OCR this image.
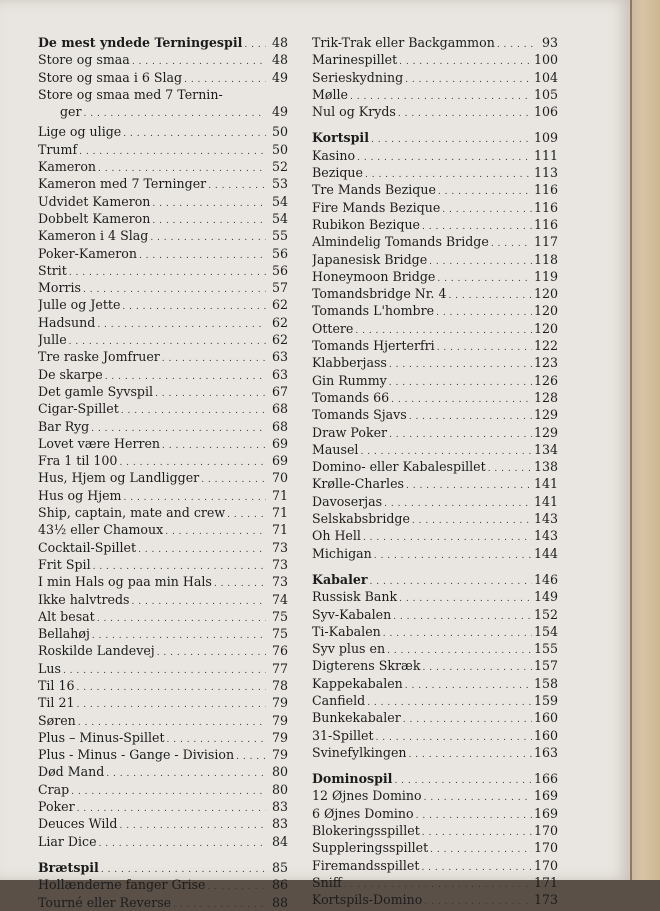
De mest yndede Terningespil . . .	48
Store og smaa . . .	48
Store og smaa i 6 Slag . . .	49
Store og smaa med 7 Ternin-
ger . . .	49
Lige og ulige . . .	50
Trumf . . .	50
Kameron . . .	52
Kameron med 7 Terninger . . .	53
Udvidet Kameron . . .	54
Dobbelt Kameron . . .	54
Kameron i 4 Slag . . .	55
Poker-Kameron . . .	56
Strit . . .	56
Morris . . .	57
Julle og Jette . . .	62
Hadsund . . .	62
Julle . . .	62
Tre raske Jomfruer . . .	63
De skarpe . . .	63
Det gamle Syvspil . . .	67
Cigar-Spillet . . .	68
Bar Ryg . . .	68
Lovet være Herren . . .	69
Fra 1 til 100 . . .	69
Hus, Hjem og Landligger . . .	70
Hus og Hjem . . .	71
Ship, captain, mate and crew . . .	71
43½ eller Chamoux . . .	71
Cocktail-Spillet . . .	73
Frit Spil . . .	73
I min Hals og paa min Hals . . .	73
Ikke halvtreds . . .	74
Alt besat . . .	75
Bellahøj . . .	75
Roskilde Landevej . . .	76
Lus . . .	77
Til 16 . . .	78
Til 21 . . .	79
Søren . . .	79
Plus – Minus-Spillet . . .	79
Plus - Minus - Gange - Division . . .	79
Død Mand . . .	80
Crap . . .	80
Poker . . .	83
Deuces Wild . . .	83
Liar Dice . . .	84
Brætspil . . .	85
Hollænderne fanger Grise . . .	86
Tourné eller Reverse . . .	88
Trik-Trak eller Backgammon . . .	93
Marinespillet . . .	100
Serieskydning . . .	104
Mølle . . .	105
Nul og Kryds . . .	106
Kortspil . . .	109
Kasino . . .	111
Bezique . . .	113
Tre Mands Bezique . . .	116
Fire Mands Bezique . . .	116
Rubikon Bezique . . .	116
Almindelig Tomands Bridge . . .	117
Japanesisk Bridge . . .	118
Honeymoon Bridge . . .	119
Tomandsbridge Nr. 4 . . .	120
Tomands L'hombre . . .	120
Ottere . . .	120
Tomands Hjerterfri . . .	122
Klabberjass . . .	123
Gin Rummy . . .	126
Tomands 66 . . .	128
Tomands Sjavs . . .	129
Draw Poker . . .	129
Mausel . . .	134
Domino- eller Kabalespillet . . .	138
Krølle-Charles . . .	141
Davoserjas . . .	141
Selskabsbridge . . .	143
Oh Hell . . .	143
Michigan . . .	144
Kabaler . . .	146
Russisk Bank . . .	149
Syv-Kabalen . . .	152
Ti-Kabalen . . .	154
Syv plus en . . .	155
Digterens Skræk . . .	157
Kappekabalen . . .	158
Canfield . . .	159
Bunkekabaler . . .	160
31-Spillet . . .	160
Svinefylkingen . . .	163
Dominospil . . .	166
12 Øjnes Domino . . .	169
6 Øjnes Domino . . .	169
Blokeringsspillet . . .	170
Suppleringsspillet . . .	170
Firemandsspillet . . .	170
Sniff . . .	171
Kortspils-Domino . . .	173
